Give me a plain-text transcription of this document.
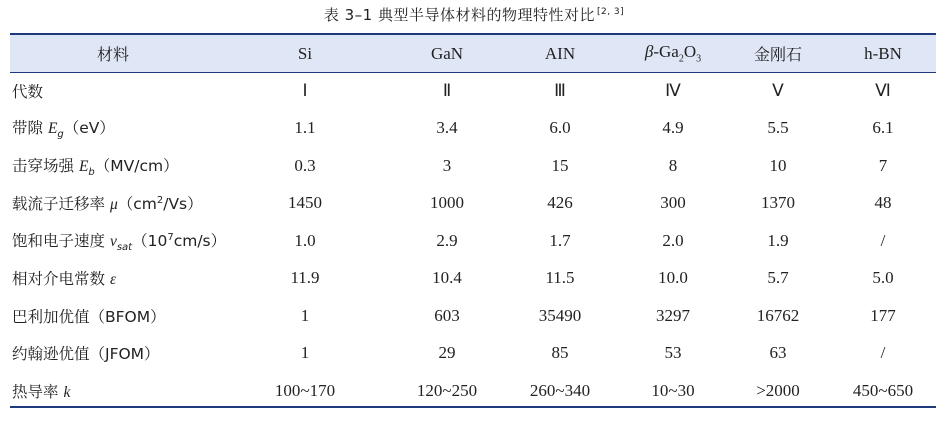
表 3–1 典型半导体材料的物理特性对比 [2, 3]
材料	Si	GaN	AIN	$\beta-Ga_2O_3$	金刚石	h-BN
代数	Ⅰ	Ⅱ	Ⅲ	Ⅳ	Ⅴ	Ⅵ
带隙 $E_g(eV)$	1.1	3.4	6.0	4.9	5.5	6.1
击穿场强 $E_b(MV/cm)$	0.3	3	15	8	10	7
载流子迁移率 $\mu(cm^2/Vs)$	1450	1000	426	300	1370	48
饱和电子速度 $v_{sat}(10^7cm/s)$	1.0	2.9	1.7	2.0	1.9	/
相对介电常数 ε	11.9	10.4	11.5	10.0	5.7	5.0
巴利加优值（BFOM）	1	603	35490	3297	16762	177
约翰逊优值（JFOM）	1	29	85	53	63	/
热导率 k	100~170	120~250	260~340	10~30	>2000	450~650
